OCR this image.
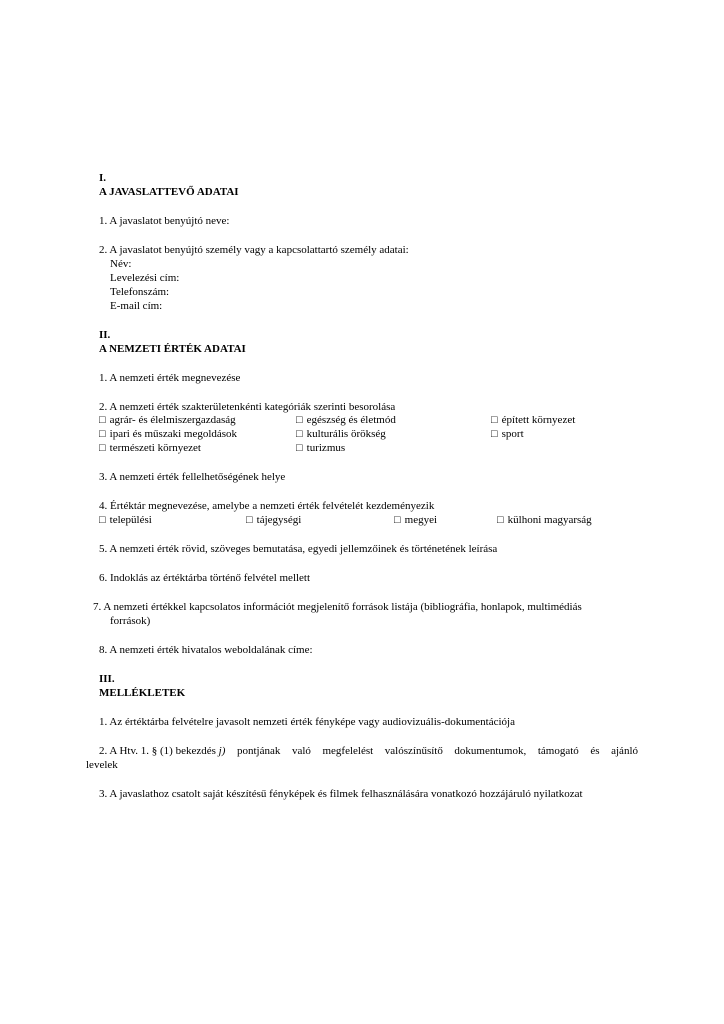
I.
A JAVASLATTEVŐ ADATAI
1. A javaslatot benyújtó neve:
2. A javaslatot benyújtó személy vagy a kapcsolattartó személy adatai:
Név:
Levelezési cím:
Telefonszám:
E-mail cím:
II.
A NEMZETI ÉRTÉK ADATAI
1. A nemzeti érték megnevezése
2. A nemzeti érték szakterületenkénti kategóriák szerinti besorolása
□ agrár- és élelmiszergazdaság	□ egészség és életmód	□ épített környezet
□ ipari és műszaki megoldások	□ kulturális örökség	□ sport
□ természeti környezet	□ turizmus
3. A nemzeti érték fellelhetőségének helye
4. Értéktár megnevezése, amelybe a nemzeti érték felvételét kezdeményezik
□ települési	□ tájegységi	□ megyei	□ külhoni magyarság
5. A nemzeti érték rövid, szöveges bemutatása, egyedi jellemzőinek és történetének leírása
6. Indoklás az értéktárba történő felvétel mellett
7. A nemzeti értékkel kapcsolatos információt megjelenítő források listája (bibliográfia, honlapok, multimédiás
források)
8. A nemzeti érték hivatalos weboldalának címe:
III.
MELLÉKLETEK
1. Az értéktárba felvételre javasolt nemzeti érték fényképe vagy audiovizuális-dokumentációja
2. A Htv. 1. § (1) bekezdés j) pontjának való megfelelést valószínűsítő dokumentumok, támogató és ajánló
levelek
3. A javaslathoz csatolt saját készítésű fényképek és filmek felhasználására vonatkozó hozzájáruló nyilatkozat
